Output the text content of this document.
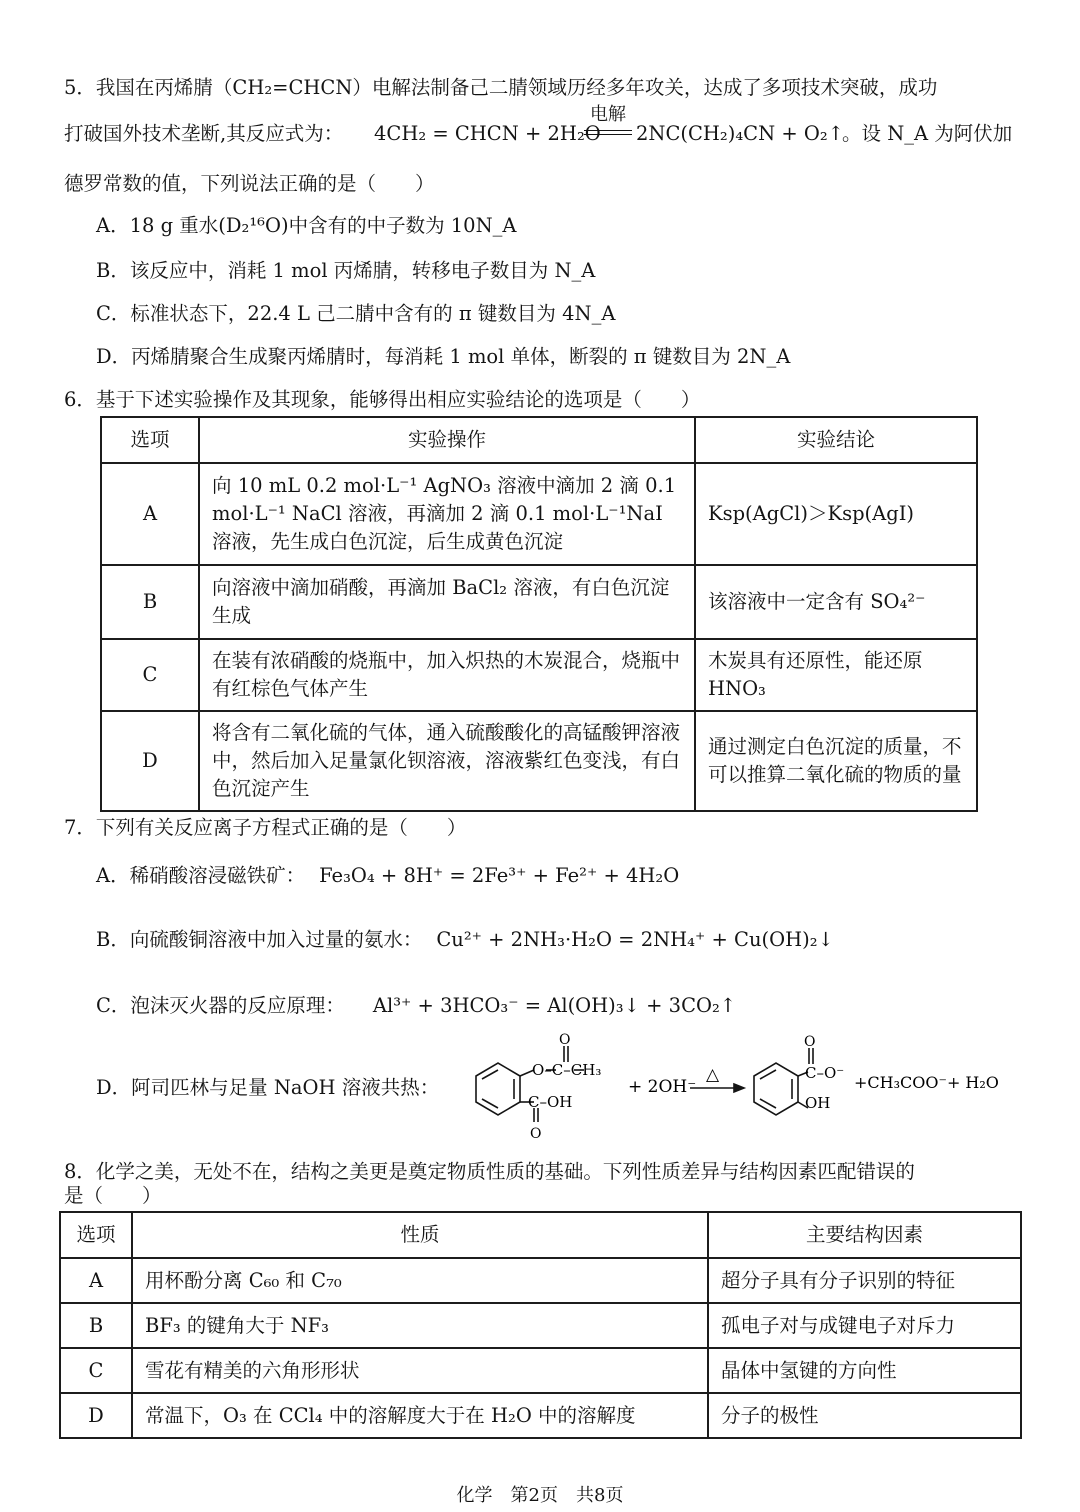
5．我国在丙烯腈（CH₂=CHCN）电解法制备己二腈领域历经多年攻关，达成了多项技术突破，成功
打破国外技术垄断,其反应式为： 4CH₂ = CHCN + 2H₂O
电解
2NC(CH₂)₄CN + O₂↑
。设 N_A 为阿伏加
德罗常数的值，下列说法正确的是（　　）
A．18 g 重水(D₂¹⁶O)中含有的中子数为 10N_A
B．该反应中，消耗 1 mol 丙烯腈，转移电子数目为 N_A
C．标准状态下，22.4 L 己二腈中含有的 π 键数目为 4N_A
D．丙烯腈聚合生成聚丙烯腈时，每消耗 1 mol 单体，断裂的 π 键数目为 2N_A
6．基于下述实验操作及其现象，能够得出相应实验结论的选项是（　　）
选项	实验操作	实验结论
A	向 10 mL 0.2 mol·L⁻¹ AgNO₃ 溶液中滴加 2 滴 0.1 mol·L⁻¹ NaCl 溶液，再滴加 2 滴 0.1 mol·L⁻¹NaI 溶液，先生成白色沉淀，后生成黄色沉淀	Ksp(AgCl)＞Ksp(AgI)
B	向溶液中滴加硝酸，再滴加 BaCl₂ 溶液，有白色沉淀生成	该溶液中一定含有 SO₄²⁻
C	在装有浓硝酸的烧瓶中，加入炽热的木炭混合，烧瓶中有红棕色气体产生	木炭具有还原性，能还原 HNO₃
D	将含有二氧化硫的气体，通入硫酸酸化的高锰酸钾溶液中，然后加入足量氯化钡溶液，溶液紫红色变浅，有白色沉淀产生	通过测定白色沉淀的质量，不可以推算二氧化硫的物质的量
7．下列有关反应离子方程式正确的是（　　）
A．稀硝酸溶浸磁铁矿： Fe₃O₄ + 8H⁺ = 2Fe³⁺ + Fe²⁺ + 4H₂O
B．向硫酸铜溶液中加入过量的氨水： Cu²⁺ + 2NH₃·H₂O = 2NH₄⁺ + Cu(OH)₂↓
C．泡沫灭火器的反应原理： Al³⁺ + 3HCO₃⁻ = Al(OH)₃↓ + 3CO₂↑
D．阿司匹林与足量 NaOH 溶液共热：
O
O–C–CH₃
C–OH
O
+ 2OH⁻
△
O
C–O⁻
OH
+CH₃COO⁻+ H₂O
8．化学之美，无处不在，结构之美更是奠定物质性质的基础。下列性质差异与结构因素匹配错误的
是（　　）
选项	性质	主要结构因素
A	用杯酚分离 C₆₀ 和 C₇₀	超分子具有分子识别的特征
B	BF₃ 的键角大于 NF₃	孤电子对与成键电子对斥力
C	雪花有精美的六角形形状	晶体中氢键的方向性
D	常温下，O₃ 在 CCl₄ 中的溶解度大于在 H₂O 中的溶解度	分子的极性
化学　第2页　共8页
